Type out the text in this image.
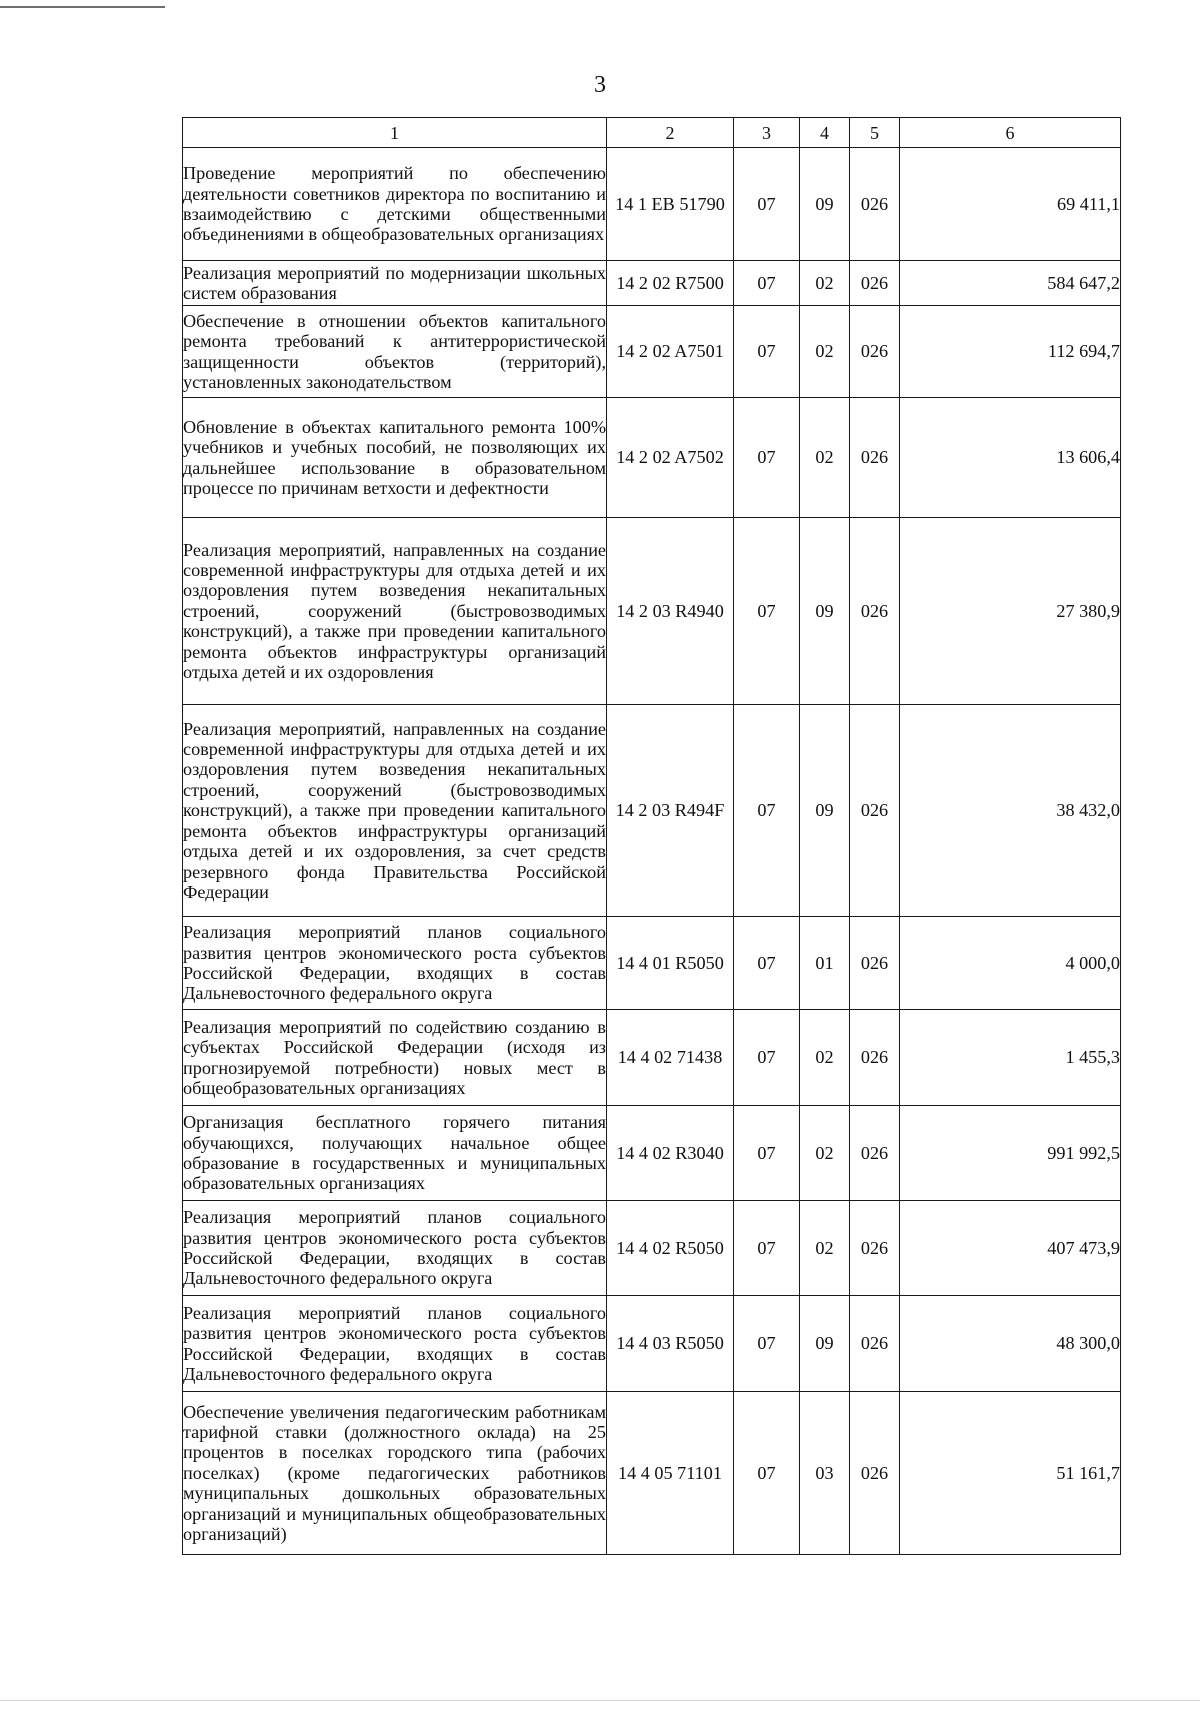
3
1	2	3	4	5	6
Проведение мероприятий по обеспечению деятельности советников директора по воспитанию и взаимодействию с детскими общественными объединениями в общеобразовательных организациях	14 1 EB 51790	07	09	026	69 411,1
Реализация мероприятий по модернизации школьных систем образования	14 2 02 R7500	07	02	026	584 647,2
Обеспечение в отношении объектов капитального ремонта требований к антитеррористической защищенности объектов (территорий), установленных законодательством	14 2 02 A7501	07	02	026	112 694,7
Обновление в объектах капитального ремонта 100% учебников и учебных пособий, не позволяющих их дальнейшее использование в образовательном процессе по причинам ветхости и дефектности	14 2 02 A7502	07	02	026	13 606,4
Реализация мероприятий, направленных на создание современной инфраструктуры для отдыха детей и их оздоровления путем возведения некапитальных строений, сооружений (быстровозводимых конструкций), а также при проведении капитального ремонта объектов инфраструктуры организаций отдыха детей и их оздоровления	14 2 03 R4940	07	09	026	27 380,9
Реализация мероприятий, направленных на создание современной инфраструктуры для отдыха детей и их оздоровления путем возведения некапитальных строений, сооружений (быстровозводимых конструкций), а также при проведении капитального ремонта объектов инфраструктуры организаций отдыха детей и их оздоровления, за счет средств резервного фонда Правительства Российской Федерации	14 2 03 R494F	07	09	026	38 432,0
Реализация мероприятий планов социального развития центров экономического роста субъектов Российской Федерации, входящих в состав Дальневосточного федерального округа	14 4 01 R5050	07	01	026	4 000,0
Реализация мероприятий по содействию созданию в субъектах Российской Федерации (исходя из прогнозируемой потребности) новых мест в общеобразовательных организациях	14 4 02 71438	07	02	026	1 455,3
Организация бесплатного горячего питания обучающихся, получающих начальное общее образование в государственных и муниципальных образовательных организациях	14 4 02 R3040	07	02	026	991 992,5
Реализация мероприятий планов социального развития центров экономического роста субъектов Российской Федерации, входящих в состав Дальневосточного федерального округа	14 4 02 R5050	07	02	026	407 473,9
Реализация мероприятий планов социального развития центров экономического роста субъектов Российской Федерации, входящих в состав Дальневосточного федерального округа	14 4 03 R5050	07	09	026	48 300,0
Обеспечение увеличения педагогическим работникам тарифной ставки (должностного оклада) на 25 процентов в поселках городского типа (рабочих поселках) (кроме педагогических работников муниципальных дошкольных образовательных организаций и муниципальных общеобразовательных организаций)	14 4 05 71101	07	03	026	51 161,7
